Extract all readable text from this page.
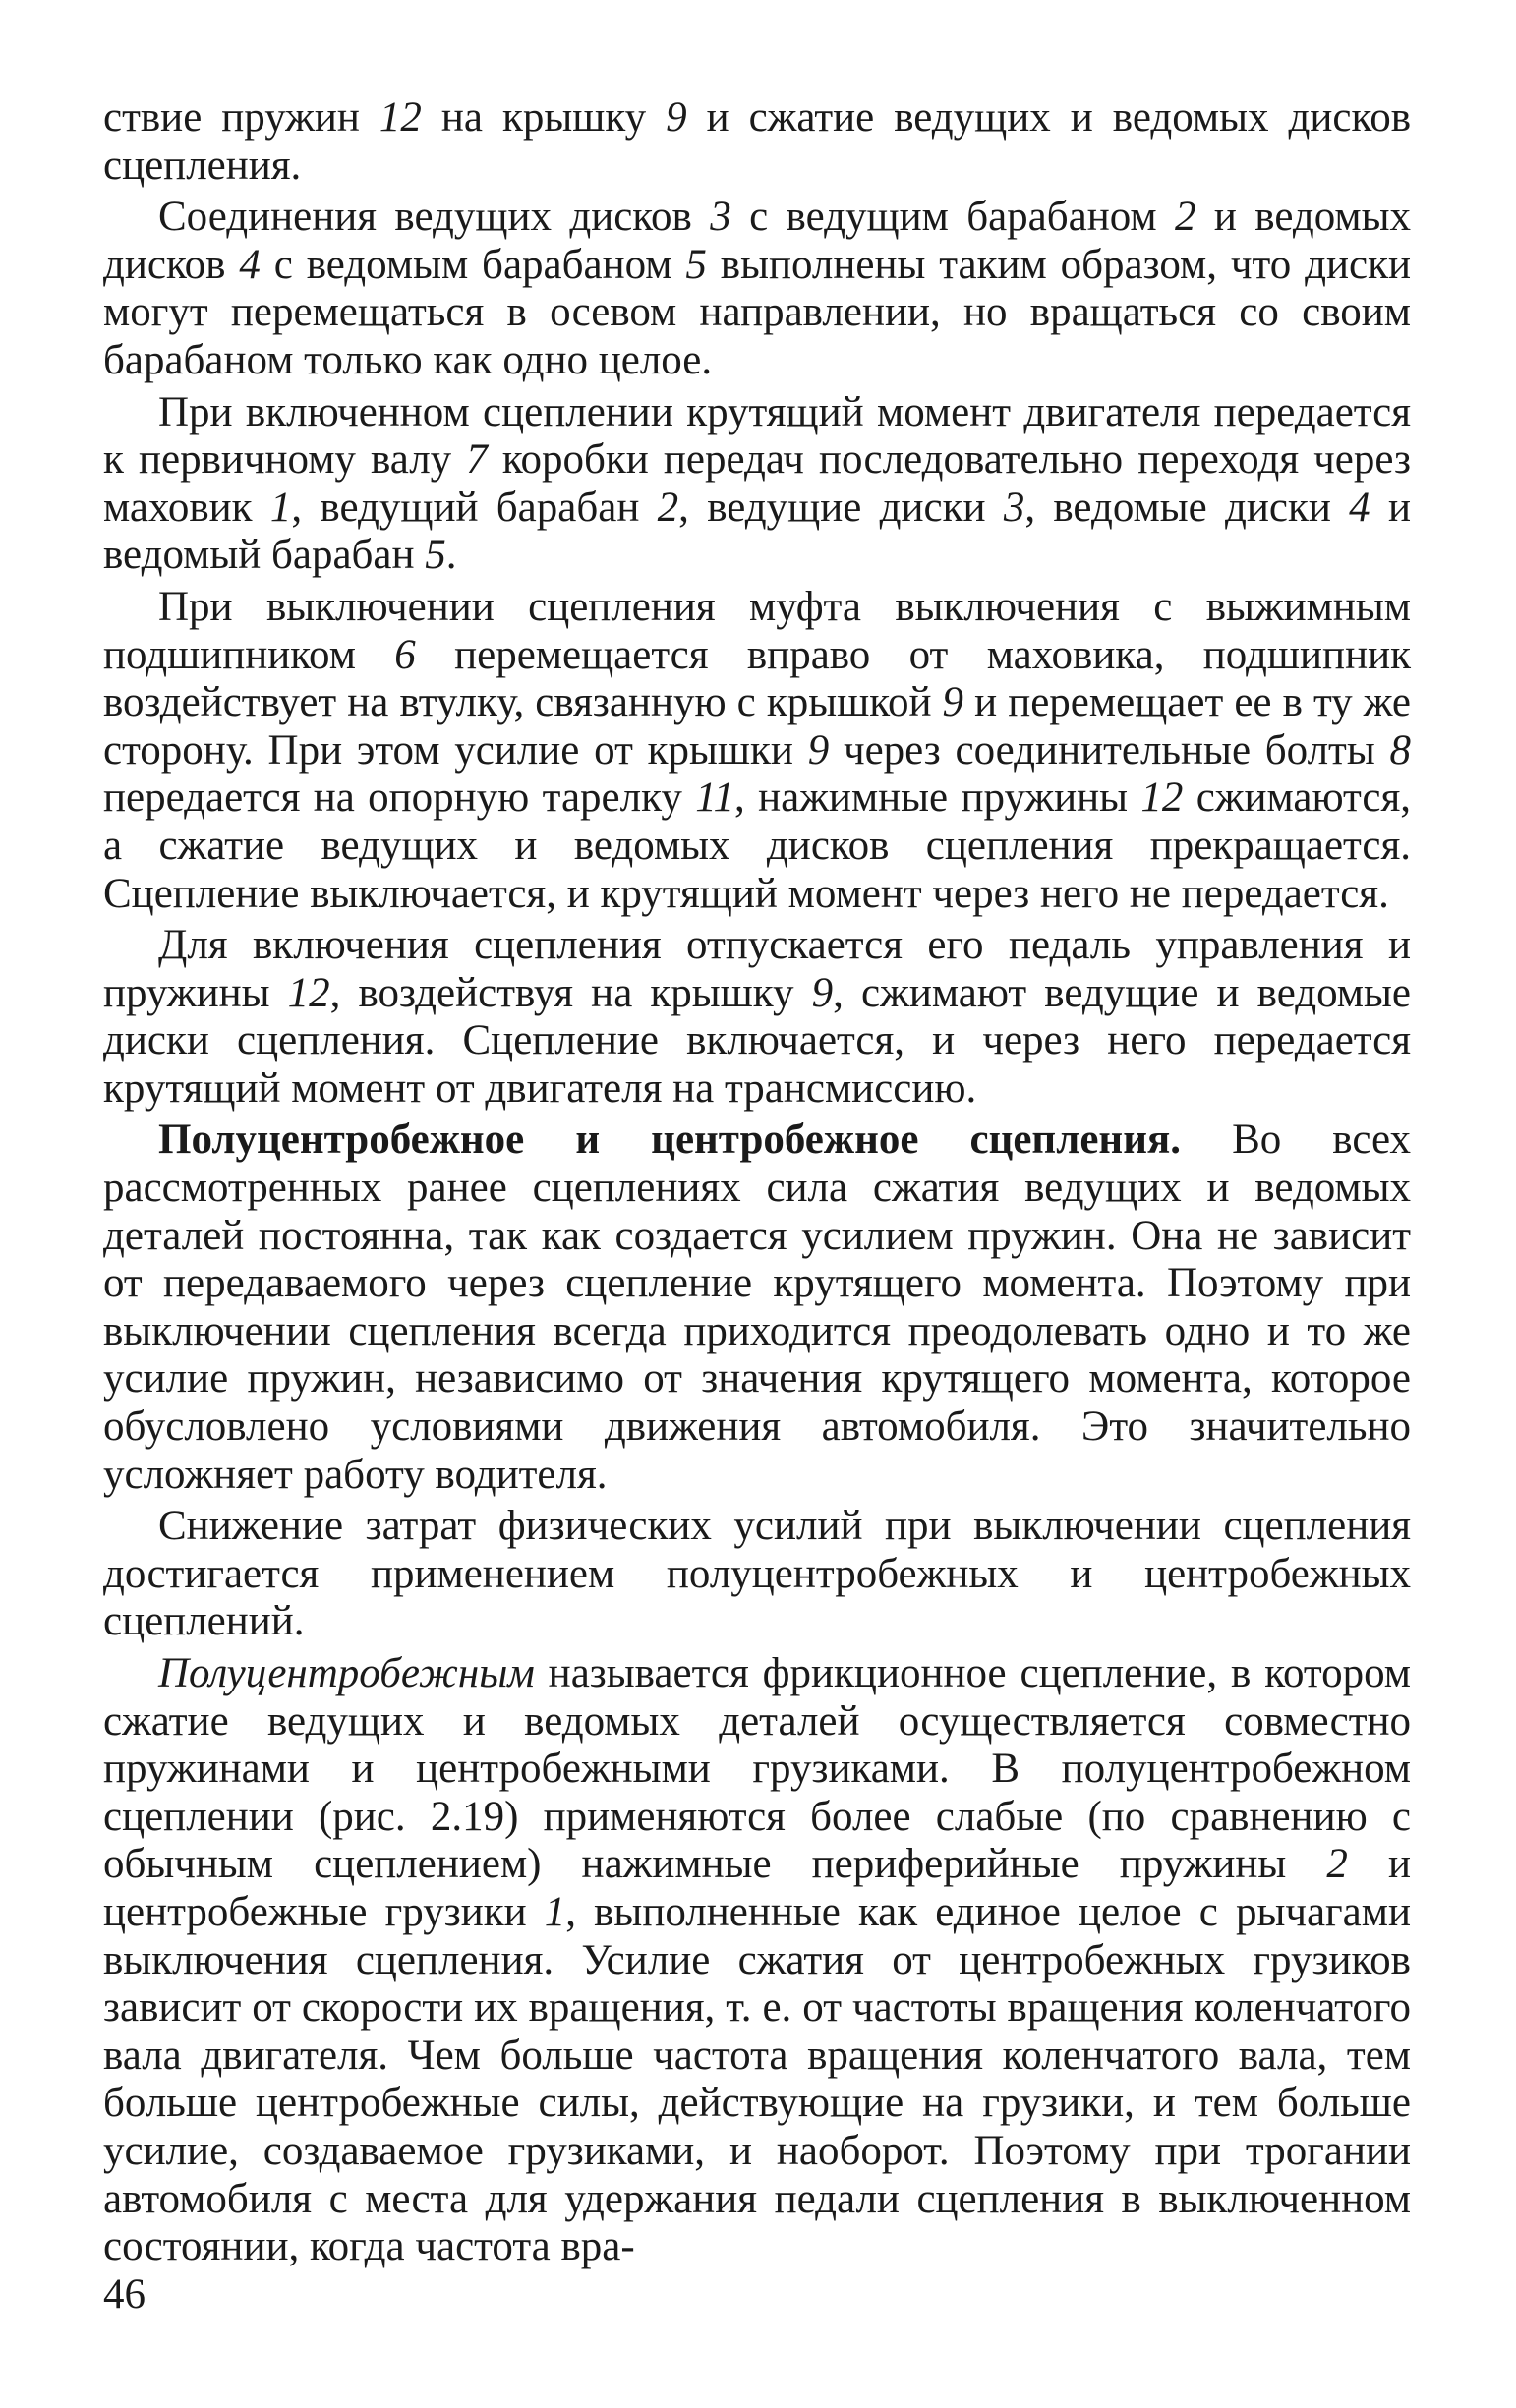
ствие пружин 12 на крышку 9 и сжатие ведущих и ведомых дисков сцепления.

Соединения ведущих дисков 3 с ведущим барабаном 2 и ведомых дисков 4 с ведомым барабаном 5 выполнены таким образом, что диски могут перемещаться в осевом направлении, но вращаться со своим барабаном только как одно целое.

При включенном сцеплении крутящий момент двигателя передается к первичному валу 7 коробки передач последовательно переходя через маховик 1, ведущий барабан 2, ведущие диски 3, ведомые диски 4 и ведомый барабан 5.

При выключении сцепления муфта выключения с выжимным подшипником 6 перемещается вправо от маховика, подшипник воздействует на втулку, связанную с крышкой 9 и перемещает ее в ту же сторону. При этом усилие от крышки 9 через соединительные болты 8 передается на опорную тарелку 11, нажимные пружины 12 сжимаются, а сжатие ведущих и ведомых дисков сцепления прекращается. Сцепление выключается, и крутящий момент через него не передается.

Для включения сцепления отпускается его педаль управления и пружины 12, воздействуя на крышку 9, сжимают ведущие и ведомые диски сцепления. Сцепление включается, и через него передается крутящий момент от двигателя на трансмиссию.

Полуцентробежное и центробежное сцепления. Во всех рассмотренных ранее сцеплениях сила сжатия ведущих и ведомых деталей постоянна, так как создается усилием пружин. Она не зависит от передаваемого через сцепление крутящего момента. Поэтому при выключении сцепления всегда приходится преодолевать одно и то же усилие пружин, независимо от значения крутящего момента, которое обусловлено условиями движения автомобиля. Это значительно усложняет работу водителя.

Снижение затрат физических усилий при выключении сцепления достигается применением полуцентробежных и центробежных сцеплений.

Полуцентробежным называется фрикционное сцепление, в котором сжатие ведущих и ведомых деталей осуществляется совместно пружинами и центробежными грузиками. В полуцентробежном сцеплении (рис. 2.19) применяются более слабые (по сравнению с обычным сцеплением) нажимные периферийные пружины 2 и центробежные грузики 1, выполненные как единое целое с рычагами выключения сцепления. Усилие сжатия от центробежных грузиков зависит от скорости их вращения, т. е. от частоты вращения коленчатого вала двигателя. Чем больше частота вращения коленчатого вала, тем больше центробежные силы, действующие на грузики, и тем больше усилие, создаваемое грузиками, и наоборот. Поэтому при трогании автомобиля с места для удержания педали сцепления в выключенном состоянии, когда частота вра-

46
